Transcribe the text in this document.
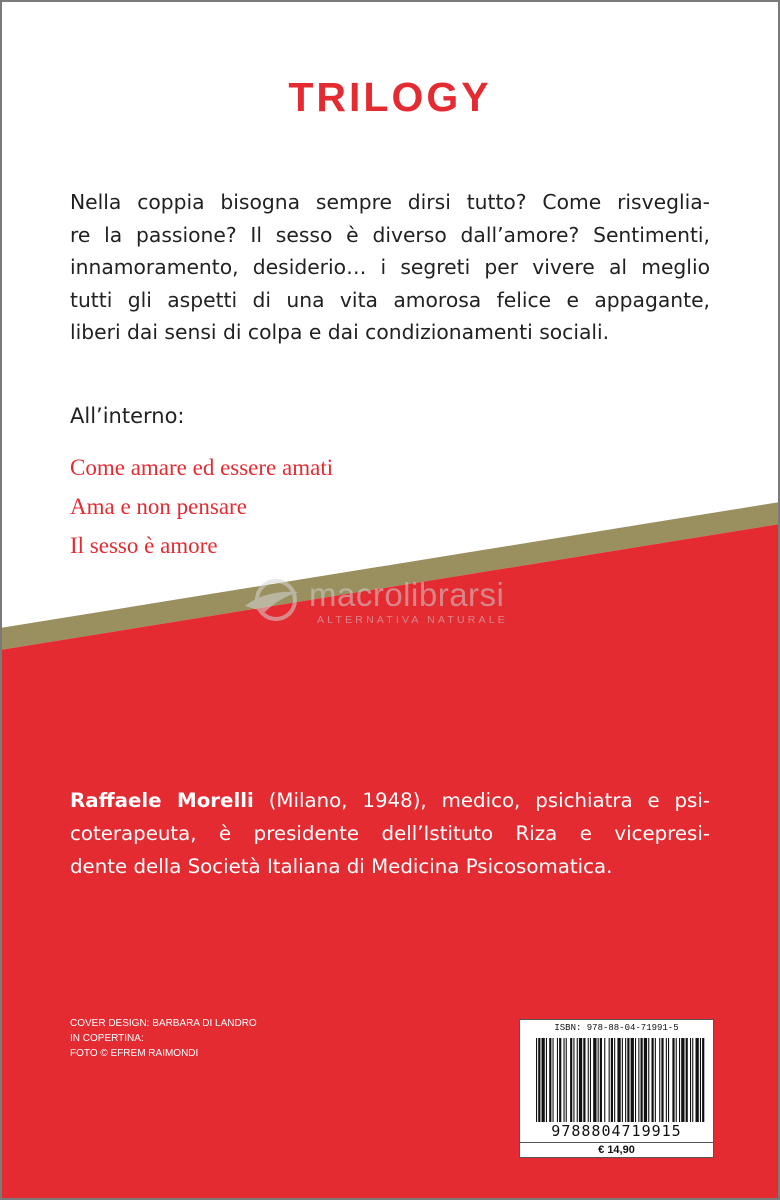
TRILOGY
Nella coppia bisogna sempre dirsi tutto? Come risveglia-
re la passione? Il sesso è diverso dall’amore? Sentimenti,
innamoramento, desiderio… i segreti per vivere al meglio
tutti gli aspetti di una vita amorosa felice e appagante,
liberi dai sensi di colpa e dai condizionamenti sociali.
All’interno:
Come amare ed essere amati
Ama e non pensare
Il sesso è amore
macrolibrarsi
ALTERNATIVA NATURALE
Raffaele Morelli (Milano, 1948), medico, psichiatra e psi-
coterapeuta, è presidente dell’Istituto Riza e vicepresi-
dente della Società Italiana di Medicina Psicosomatica.
COVER DESIGN: BARBARA DI LANDRO
IN COPERTINA:
FOTO © EFREM RAIMONDI
ISBN: 978-88-04-71991-5
9788804719915
€ 14,90
